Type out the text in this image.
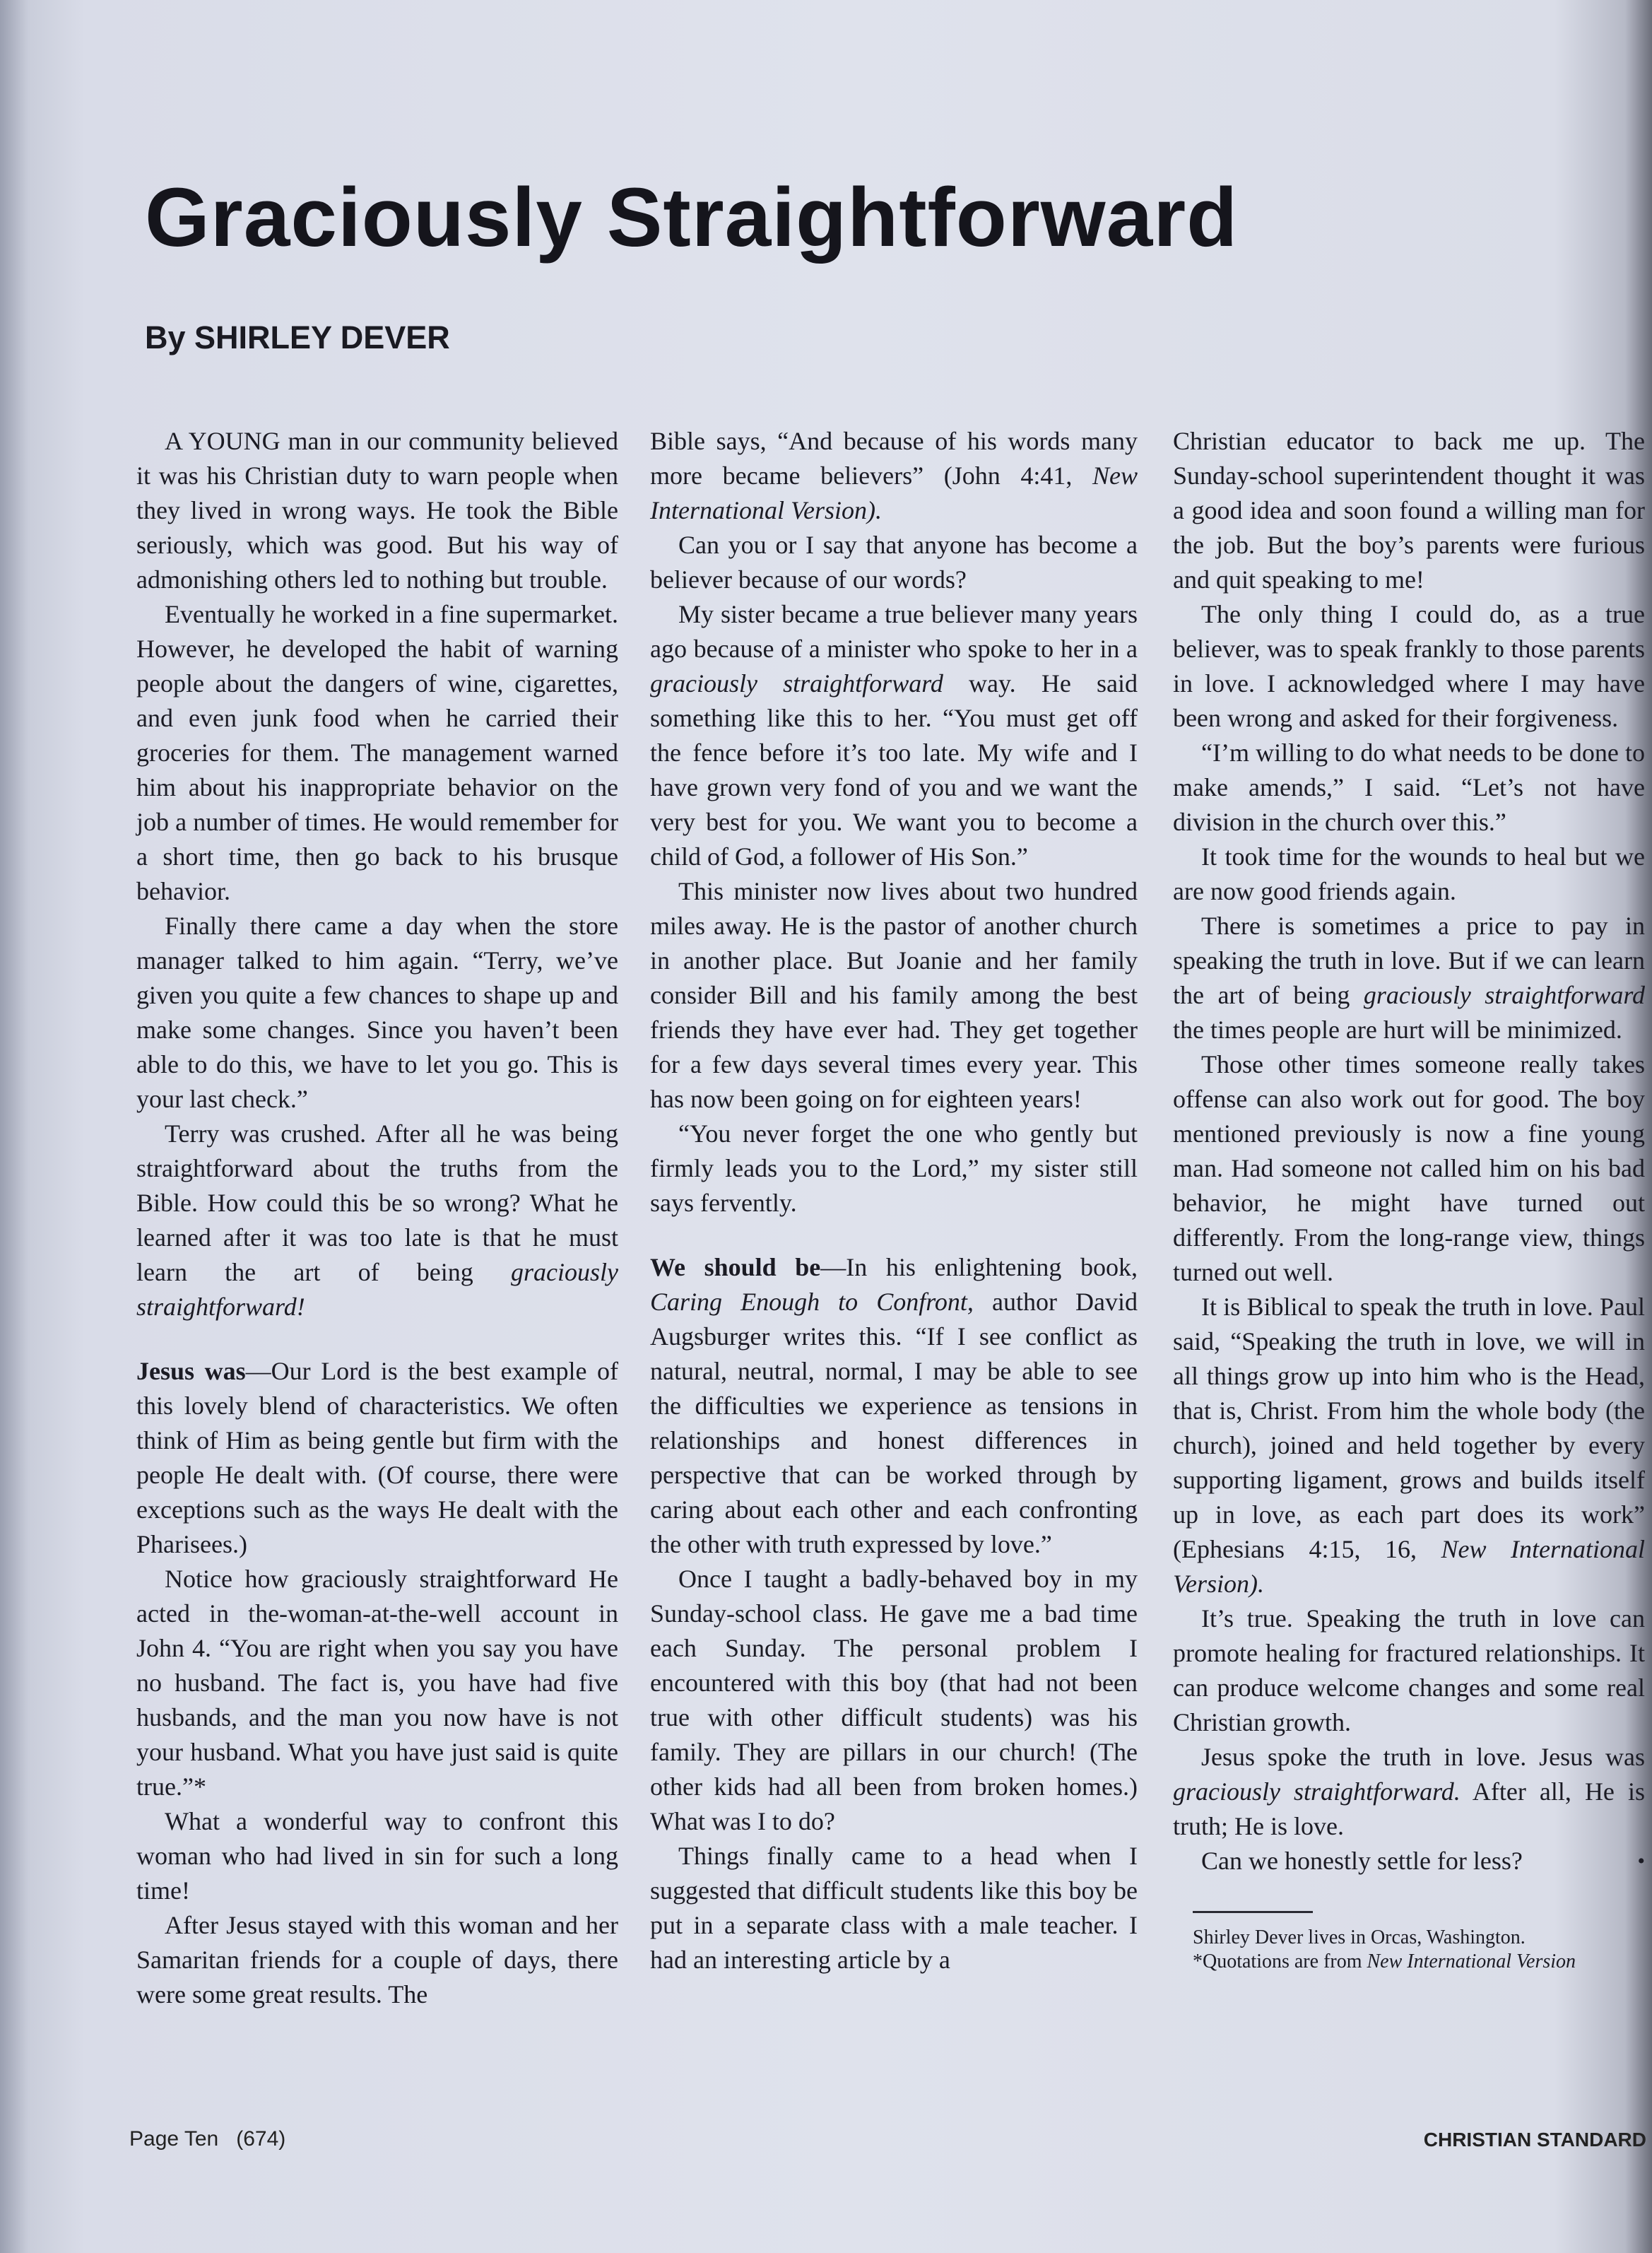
Graciously Straightforward
By SHIRLEY DEVER

A YOUNG man in our community believed it was his Christian duty to warn people when they lived in wrong ways. He took the Bible seriously, which was good. But his way of admonishing others led to nothing but trouble.

Eventually he worked in a fine supermarket. However, he developed the habit of warning people about the dangers of wine, cigarettes, and even junk food when he carried their groceries for them. The management warned him about his inappropriate behavior on the job a number of times. He would remember for a short time, then go back to his brusque behavior.

Finally there came a day when the store manager talked to him again. “Terry, we’ve given you quite a few chances to shape up and make some changes. Since you haven’t been able to do this, we have to let you go. This is your last check.”

Terry was crushed. After all he was being straightforward about the truths from the Bible. How could this be so wrong? What he learned after it was too late is that he must learn the art of being graciously straightforward!

Jesus was—Our Lord is the best example of this lovely blend of characteristics. We often think of Him as being gentle but firm with the people He dealt with. (Of course, there were exceptions such as the ways He dealt with the Pharisees.)

Notice how graciously straightforward He acted in the-woman-at-the-well account in John 4. “You are right when you say you have no husband. The fact is, you have had five husbands, and the man you now have is not your husband. What you have just said is quite true.”*

What a wonderful way to confront this woman who had lived in sin for such a long time!

After Jesus stayed with this woman and her Samaritan friends for a couple of days, there were some great results. The

Bible says, “And because of his words many more became believers” (John 4:41, New International Version).

Can you or I say that anyone has become a believer because of our words?

My sister became a true believer many years ago because of a minister who spoke to her in a graciously straightforward way. He said something like this to her. “You must get off the fence before it’s too late. My wife and I have grown very fond of you and we want the very best for you. We want you to become a child of God, a follower of His Son.”

This minister now lives about two hundred miles away. He is the pastor of another church in another place. But Joanie and her family consider Bill and his family among the best friends they have ever had. They get together for a few days several times every year. This has now been going on for eighteen years!

“You never forget the one who gently but firmly leads you to the Lord,” my sister still says fervently.

We should be—In his enlightening book, Caring Enough to Confront, author David Augsburger writes this. “If I see conflict as natural, neutral, normal, I may be able to see the difficulties we experience as tensions in relationships and honest differences in perspective that can be worked through by caring about each other and each confronting the other with truth expressed by love.”

Once I taught a badly-behaved boy in my Sunday-school class. He gave me a bad time each Sunday. The personal problem I encountered with this boy (that had not been true with other difficult students) was his family. They are pillars in our church! (The other kids had all been from broken homes.) What was I to do?

Things finally came to a head when I suggested that difficult students like this boy be put in a separate class with a male teacher. I had an interesting article by a

Christian educator to back me up. The Sunday-school superintendent thought it was a good idea and soon found a willing man for the job. But the boy’s parents were furious and quit speaking to me!

The only thing I could do, as a true believer, was to speak frankly to those parents in love. I acknowledged where I may have been wrong and asked for their forgiveness.

“I’m willing to do what needs to be done to make amends,” I said. “Let’s not have division in the church over this.”

It took time for the wounds to heal but we are now good friends again.

There is sometimes a price to pay in speaking the truth in love. But if we can learn the art of being graciously straightforward the times people are hurt will be minimized.

Those other times someone really takes offense can also work out for good. The boy mentioned previously is now a fine young man. Had someone not called him on his bad behavior, he might have turned out differently. From the long-range view, things turned out well.

It is Biblical to speak the truth in love. Paul said, “Speaking the truth in love, we will in all things grow up into him who is the Head, that is, Christ. From him the whole body (the church), joined and held together by every supporting ligament, grows and builds itself up in love, as each part does its work” (Ephesians 4:15, 16, New International Version).

It’s true. Speaking the truth in love can promote healing for fractured relationships. It can produce welcome changes and some real Christian growth.

Jesus spoke the truth in love. Jesus was graciously straightforward. After all, He is truth; He is love.

Can we honestly settle for less?	•

Shirley Dever lives in Orcas, Washington.

*Quotations are from New International Version

Page Ten   (674)	CHRISTIAN STANDARD
